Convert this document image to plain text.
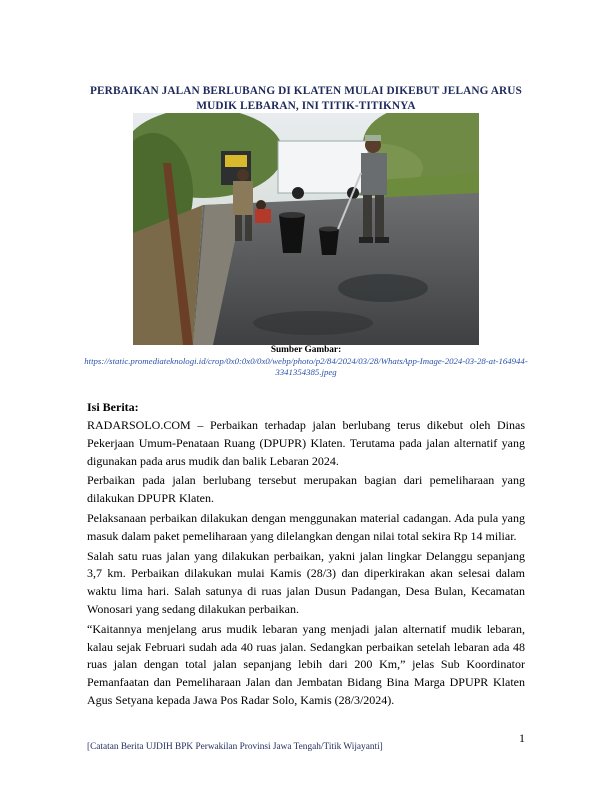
PERBAIKAN JALAN BERLUBANG DI KLATEN MULAI DIKEBUT JELANG ARUS MUDIK LEBARAN, INI TITIK-TITIKNYA
Sumber Gambar:
https://static.promediateknologi.id/crop/0x0:0x0/0x0/webp/photo/p2/84/2024/03/28/WhatsApp-Image-2024-03-28-at-164944-3341354385.jpeg
Isi Berita:

RADARSOLO.COM – Perbaikan terhadap jalan berlubang terus dikebut oleh Dinas Pekerjaan Umum-Penataan Ruang (DPUPR) Klaten. Terutama pada jalan alternatif yang digunakan pada arus mudik dan balik Lebaran 2024.

Perbaikan pada jalan berlubang tersebut merupakan bagian dari pemeliharaan yang dilakukan DPUPR Klaten.

Pelaksanaan perbaikan dilakukan dengan menggunakan material cadangan. Ada pula yang masuk dalam paket pemeliharaan yang dilelangkan dengan nilai total sekira Rp 14 miliar.

Salah satu ruas jalan yang dilakukan perbaikan, yakni jalan lingkar Delanggu sepanjang 3,7 km. Perbaikan dilakukan mulai Kamis (28/3) dan diperkirakan akan selesai dalam waktu lima hari. Salah satunya di ruas jalan Dusun Padangan, Desa Bulan, Kecamatan Wonosari yang sedang dilakukan perbaikan.

“Kaitannya menjelang arus mudik lebaran yang menjadi jalan alternatif mudik lebaran, kalau sejak Februari sudah ada 40 ruas jalan. Sedangkan perbaikan setelah lebaran ada 48 ruas jalan dengan total jalan sepanjang lebih dari 200 Km,” jelas Sub Koordinator Pemanfaatan dan Pemeliharaan Jalan dan Jembatan Bidang Bina Marga DPUPR Klaten Agus Setyana kepada Jawa Pos Radar Solo, Kamis (28/3/2024).

1
[Catatan Berita UJDIH BPK Perwakilan Provinsi Jawa Tengah/Titik Wijayanti]
